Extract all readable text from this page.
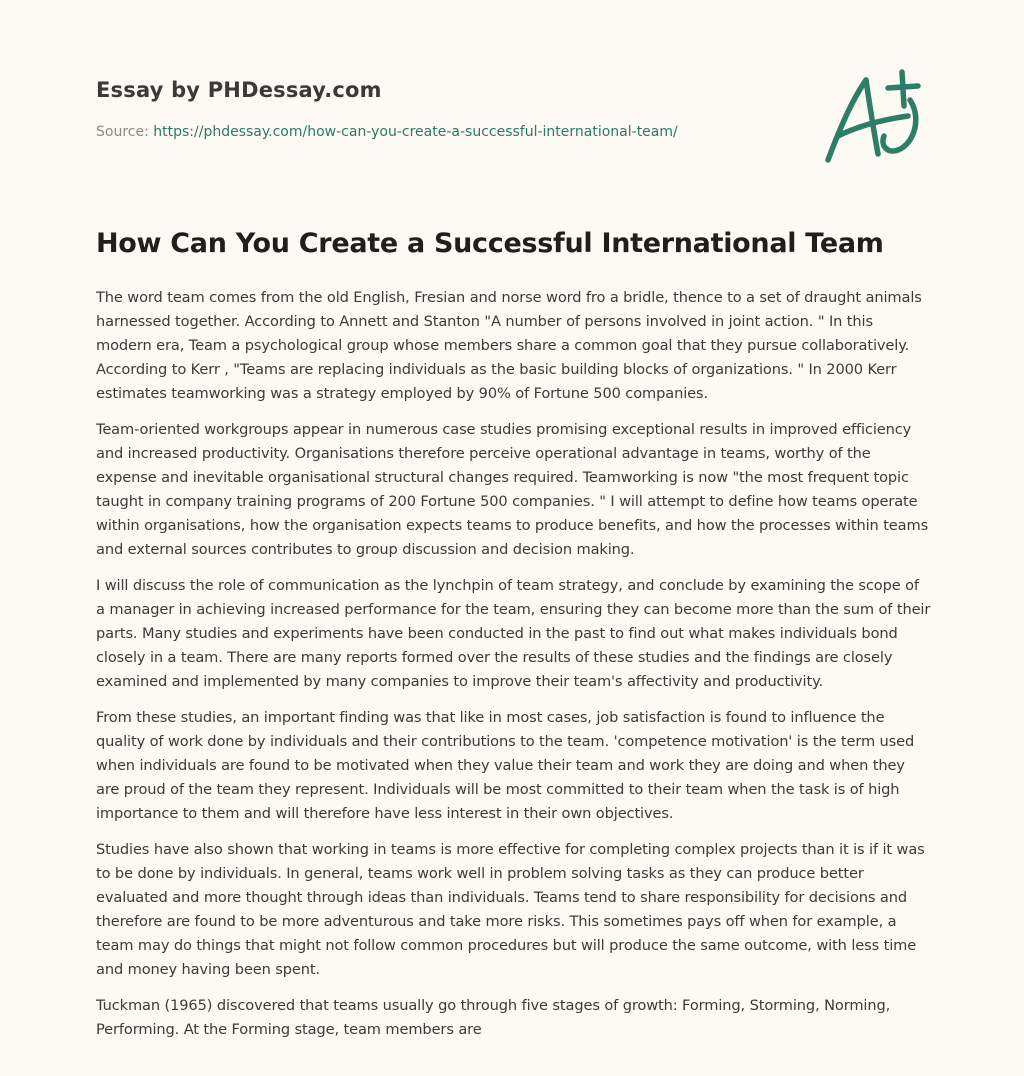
Essay by PHDessay.com
Source: https://phdessay.com/how-can-you-create-a-successful-international-team/
How Can You Create a Successful International Team

The word team comes from the old English, Fresian and norse word fro a bridle, thence to a set of draught animals harnessed together. According to Annett and Stanton "A number of persons involved in joint action. " In this modern era, Team a psychological group whose members share a common goal that they pursue collaboratively. According to Kerr , "Teams are replacing individuals as the basic building blocks of organizations. " In 2000 Kerr estimates teamworking was a strategy employed by 90% of Fortune 500 companies.

Team-oriented workgroups appear in numerous case studies promising exceptional results in improved efficiency and increased productivity. Organisations therefore perceive operational advantage in teams, worthy of the expense and inevitable organisational structural changes required. Teamworking is now "the most frequent topic taught in company training programs of 200 Fortune 500 companies. " I will attempt to define how teams operate within organisations, how the organisation expects teams to produce benefits, and how the processes within teams and external sources contributes to group discussion and decision making.

I will discuss the role of communication as the lynchpin of team strategy, and conclude by examining the scope of a manager in achieving increased performance for the team, ensuring they can become more than the sum of their parts. Many studies and experiments have been conducted in the past to find out what makes individuals bond closely in a team. There are many reports formed over the results of these studies and the findings are closely examined and implemented by many companies to improve their team's affectivity and productivity.

From these studies, an important finding was that like in most cases, job satisfaction is found to influence the quality of work done by individuals and their contributions to the team. 'competence motivation' is the term used when individuals are found to be motivated when they value their team and work they are doing and when they are proud of the team they represent. Individuals will be most committed to their team when the task is of high importance to them and will therefore have less interest in their own objectives.

Studies have also shown that working in teams is more effective for completing complex projects than it is if it was to be done by individuals. In general, teams work well in problem solving tasks as they can produce better evaluated and more thought through ideas than individuals. Teams tend to share responsibility for decisions and therefore are found to be more adventurous and take more risks. This sometimes pays off when for example, a team may do things that might not follow common procedures but will produce the same outcome, with less time and money having been spent.

Tuckman (1965) discovered that teams usually go through five stages of growth: Forming, Storming, Norming, Performing. At the Forming stage, team members are
